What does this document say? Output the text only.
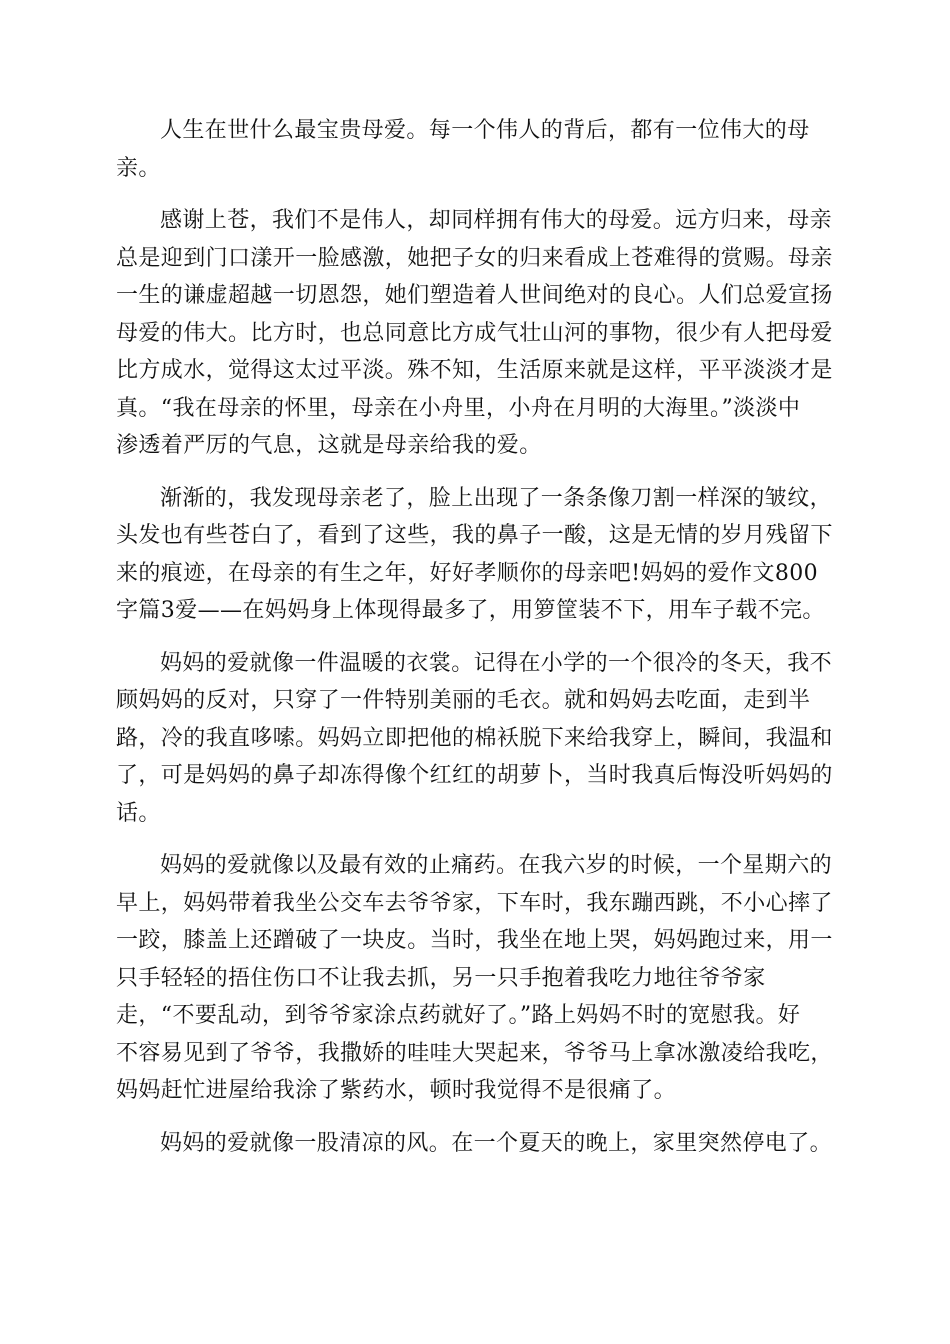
人生在世什么最宝贵母爱。每一个伟人的背后，都有一位伟大的母
亲。

感谢上苍，我们不是伟人，却同样拥有伟大的母爱。远方归来，母亲
总是迎到门口漾开一脸感激，她把子女的归来看成上苍难得的赏赐。母亲
一生的谦虚超越一切恩怨，她们塑造着人世间绝对的良心。人们总爱宣扬
母爱的伟大。比方时，也总同意比方成气壮山河的事物，很少有人把母爱
比方成水，觉得这太过平淡。殊不知，生活原来就是这样，平平淡淡才是
真。“我在母亲的怀里，母亲在小舟里，小舟在月明的大海里。”淡淡中
渗透着严厉的气息，这就是母亲给我的爱。

渐渐的，我发现母亲老了，脸上出现了一条条像刀割一样深的皱纹，
头发也有些苍白了，看到了这些，我的鼻子一酸，这是无情的岁月残留下
来的痕迹，在母亲的有生之年，好好孝顺你的母亲吧!妈妈的爱作文800
字篇3爱——在妈妈身上体现得最多了，用箩筐装不下，用车子载不完。

妈妈的爱就像一件温暖的衣裳。记得在小学的一个很冷的冬天，我不
顾妈妈的反对，只穿了一件特别美丽的毛衣。就和妈妈去吃面，走到半
路，冷的我直哆嗦。妈妈立即把他的棉袄脱下来给我穿上，瞬间，我温和
了，可是妈妈的鼻子却冻得像个红红的胡萝卜，当时我真后悔没听妈妈的
话。

妈妈的爱就像以及最有效的止痛药。在我六岁的时候，一个星期六的
早上，妈妈带着我坐公交车去爷爷家，下车时，我东蹦西跳，不小心摔了
一跤，膝盖上还蹭破了一块皮。当时，我坐在地上哭，妈妈跑过来，用一
只手轻轻的捂住伤口不让我去抓，另一只手抱着我吃力地往爷爷家
走，“不要乱动，到爷爷家涂点药就好了。”路上妈妈不时的宽慰我。好
不容易见到了爷爷，我撒娇的哇哇大哭起来，爷爷马上拿冰激凌给我吃，
妈妈赶忙进屋给我涂了紫药水，顿时我觉得不是很痛了。

妈妈的爱就像一股清凉的风。在一个夏天的晚上，家里突然停电了。
